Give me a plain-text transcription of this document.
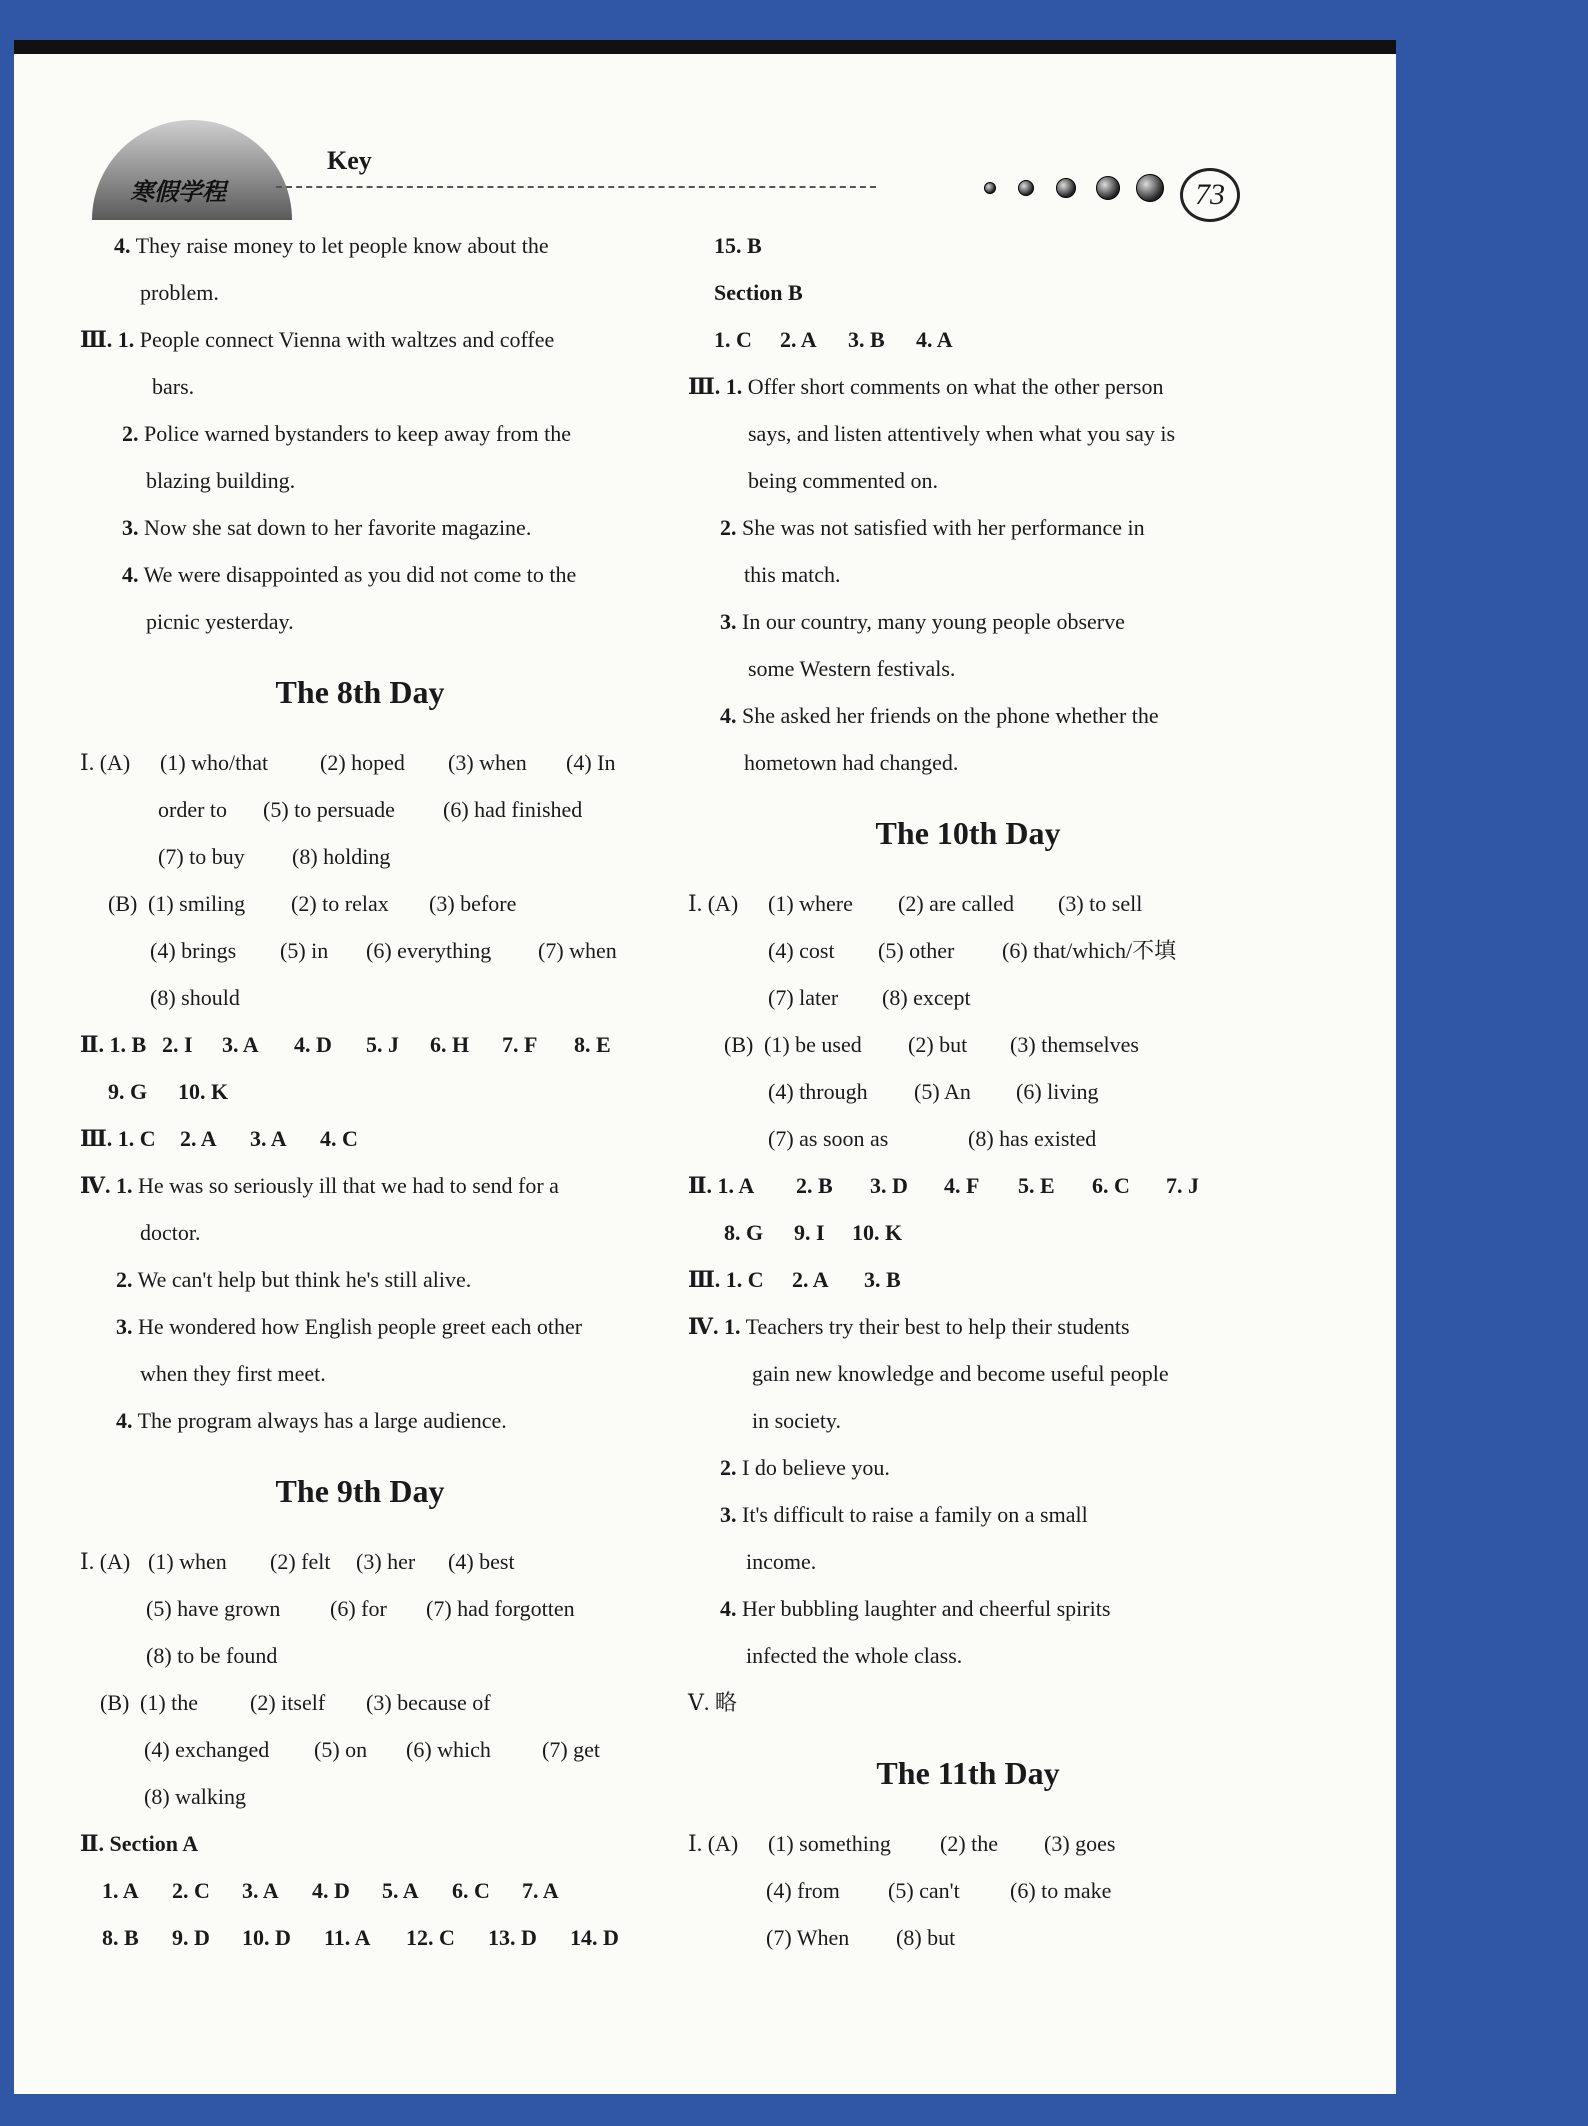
寒假学程
Key
73
4. They raise money to let people know about the
problem.
Ⅲ. 1. People connect Vienna with waltzes and coffee
bars.
2. Police warned bystanders to keep away from the
blazing building.
3. Now she sat down to her favorite magazine.
4. We were disappointed as you did not come to the
picnic yesterday.
The 8th Day
Ⅰ. (A) (1) who/that (2) hoped (3) when (4) In
order to (5) to persuade (6) had finished
(7) to buy (8) holding
(B) (1) smiling (2) to relax (3) before
(4) brings (5) in (6) everything (7) when
(8) should
Ⅱ. 1. B 2. I 3. A 4. D 5. J 6. H 7. F 8. E
9. G 10. K
Ⅲ. 1. C 2. A 3. A 4. C
Ⅳ. 1. He was so seriously ill that we had to send for a
doctor.
2. We can't help but think he's still alive.
3. He wondered how English people greet each other
when they first meet.
4. The program always has a large audience.
The 9th Day
Ⅰ. (A) (1) when (2) felt (3) her (4) best
(5) have grown (6) for (7) had forgotten
(8) to be found
(B) (1) the (2) itself (3) because of
(4) exchanged (5) on (6) which (7) get
(8) walking
Ⅱ. Section A
1. A 2. C 3. A 4. D 5. A 6. C 7. A
8. B 9. D 10. D 11. A 12. C 13. D 14. D
15. B
Section B
1. C 2. A 3. B 4. A
Ⅲ. 1. Offer short comments on what the other person
says, and listen attentively when what you say is
being commented on.
2. She was not satisfied with her performance in
this match.
3. In our country, many young people observe
some Western festivals.
4. She asked her friends on the phone whether the
hometown had changed.
The 10th Day
Ⅰ. (A) (1) where (2) are called (3) to sell
(4) cost (5) other (6) that/which/不填
(7) later (8) except
(B) (1) be used (2) but (3) themselves
(4) through (5) An (6) living
(7) as soon as	(8) has existed
Ⅱ. 1. A 2. B 3. D 4. F 5. E 6. C 7. J
8. G 9. I 10. K
Ⅲ. 1. C 2. A 3. B
Ⅳ. 1. Teachers try their best to help their students
gain new knowledge and become useful people
in society.
2. I do believe you.
3. It's difficult to raise a family on a small
income.
4. Her bubbling laughter and cheerful spirits
infected the whole class.
Ⅴ. 略
The 11th Day
Ⅰ. (A) (1) something (2) the (3) goes
(4) from (5) can't (6) to make
(7) When (8) but
